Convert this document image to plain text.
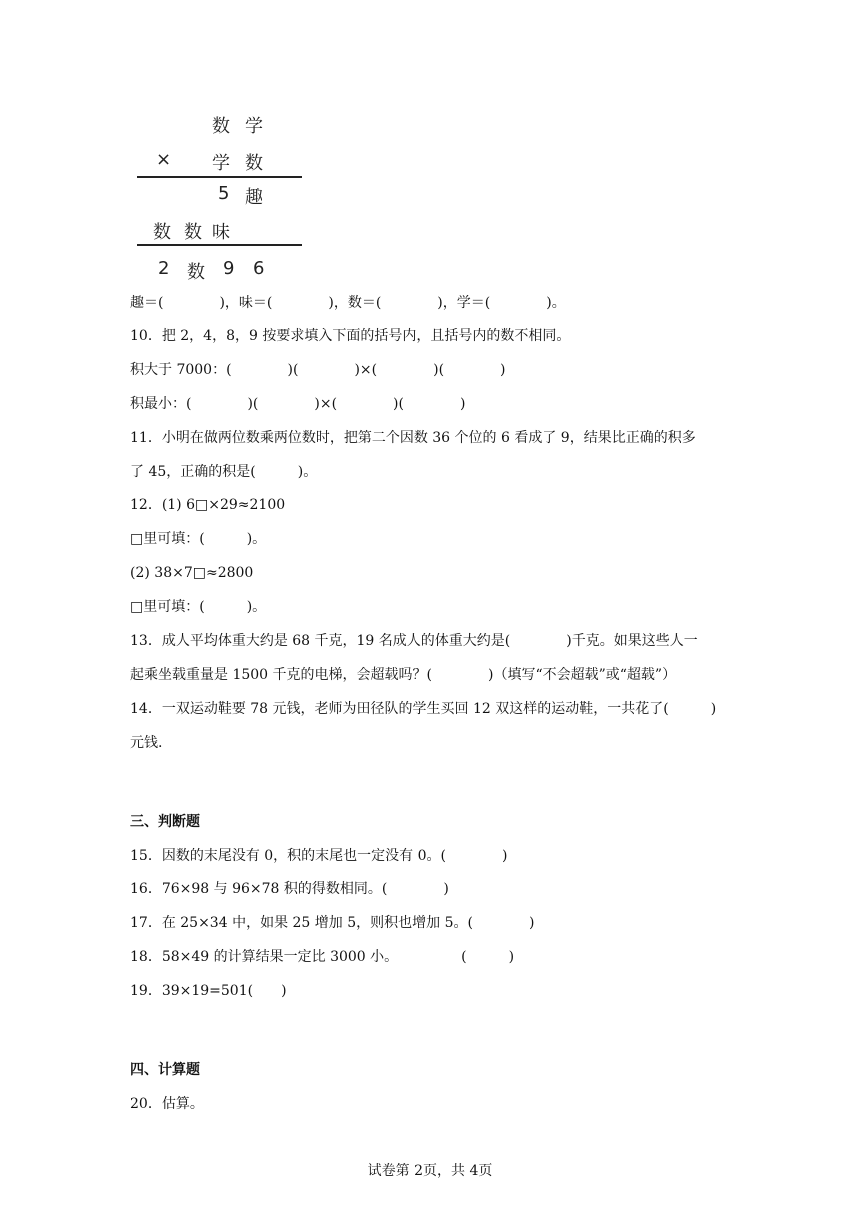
数 学
× 学 数
5 趣
数 数 味
2 数 9 6
趣＝(　　　　)，味＝(　　　　)，数＝(　　　　)，学＝(　　　　)。
10．把 2，4，8，9 按要求填入下面的括号内，且括号内的数不相同。
积大于 7000：(　　　　)(　　　　)×(　　　　)(　　　　)
积最小：(　　　　)(　　　　)×(　　　　)(　　　　)
11．小明在做两位数乘两位数时，把第二个因数 36 个位的 6 看成了 9，结果比正确的积多
了 45，正确的积是(　　　)。
12．(1) 6□×29≈2100
□里可填：(　　　)。
(2) 38×7□≈2800
□里可填：(　　　)。
13．成人平均体重大约是 68 千克，19 名成人的体重大约是(　　　　)千克。如果这些人一
起乘坐载重量是 1500 千克的电梯，会超载吗？(　　　　)（填写“不会超载”或“超载”）
14．一双运动鞋要 78 元钱，老师为田径队的学生买回 12 双这样的运动鞋，一共花了(　　　)
元钱.
三、判断题
15．因数的末尾没有 0，积的末尾也一定没有 0。(　　　　)
16．76×98 与 96×78 积的得数相同。(　　　　)
17．在 25×34 中，如果 25 增加 5，则积也增加 5。(　　　　)
18．58×49 的计算结果一定比 3000 小。　　　　　(　　　)
19．39×19=501(　　)
四、计算题
20．估算。
试卷第 2页，共 4页
